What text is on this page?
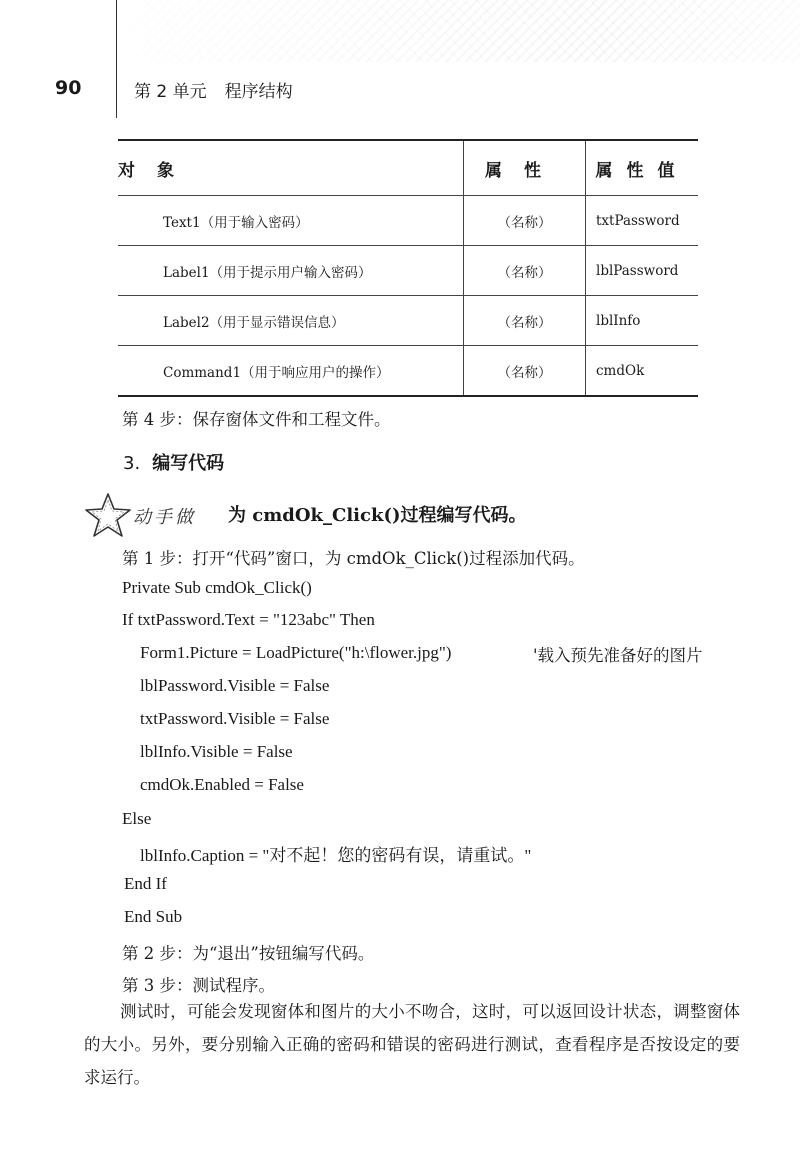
90	第 2 单元 程序结构
对象	属性	属性值
Text1（用于输入密码）	（名称）	txtPassword
Label1（用于提示用户输入密码）	（名称）	lblPassword
Label2（用于显示错误信息）	（名称）	lblInfo
Command1（用于响应用户的操作）	（名称）	cmdOk
第 4 步：保存窗体文件和工程文件。
3. 编写代码
动手做 为 cmdOk_Click()过程编写代码。
第 1 步：打开“代码”窗口，为 cmdOk_Click()过程添加代码。
Private Sub cmdOk_Click()
If txtPassword.Text = "123abc" Then
Form1.Picture = LoadPicture("h:\flower.jpg")	'载入预先准备好的图片
lblPassword.Visible = False
txtPassword.Visible = False
lblInfo.Visible = False
cmdOk.Enabled = False
Else
lblInfo.Caption = "对不起！您的密码有误，请重试。"
End If
End Sub
第 2 步：为“退出”按钮编写代码。
第 3 步：测试程序。

测试时，可能会发现窗体和图片的大小不吻合，这时，可以返回设计状态，调整窗体的大小。另外，要分别输入正确的密码和错误的密码进行测试，查看程序是否按设定的要求运行。
